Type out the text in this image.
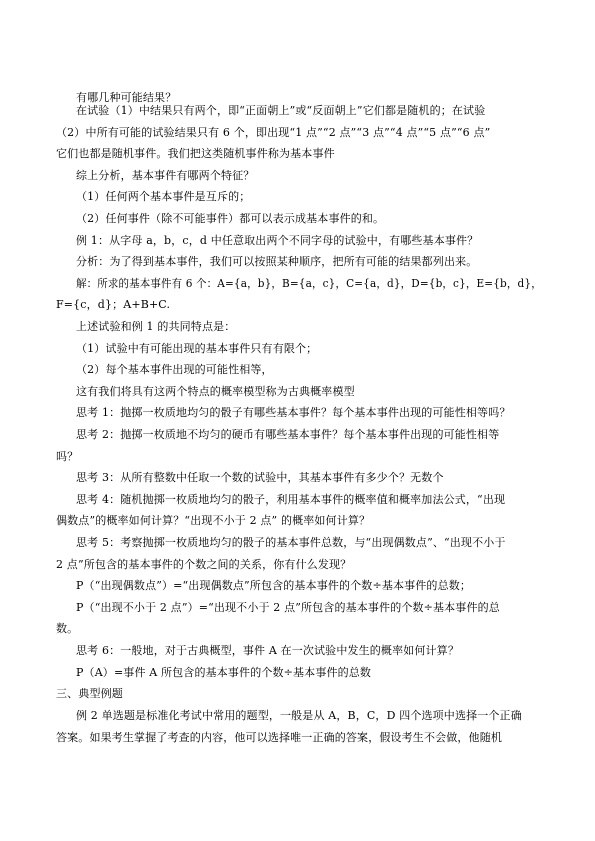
有哪几种可能结果？
在试验（1）中结果只有两个，即“正面朝上”或“反面朝上”它们都是随机的；在试验
（2）中所有可能的试验结果只有 6 个，即出现“1 点”“2 点”“3 点”“4 点”“5 点”“6 点”
它们也都是随机事件。我们把这类随机事件称为基本事件
综上分析，基本事件有哪两个特征？
（1）任何两个基本事件是互斥的；
（2）任何事件（除不可能事件）都可以表示成基本事件的和。
例 1：从字母 a，b，c，d 中任意取出两个不同字母的试验中，有哪些基本事件？
分析：为了得到基本事件，我们可以按照某种顺序，把所有可能的结果都列出来。
解：所求的基本事件有 6 个：A={a，b}，B={a，c}，C={a，d}，D={b，c}，E={b，d}，
F={c，d}；A+B+C.
上述试验和例 1 的共同特点是：
（1）试验中有可能出现的基本事件只有有限个；
（2）每个基本事件出现的可能性相等，
这有我们将具有这两个特点的概率模型称为古典概率模型
思考 1：抛掷一枚质地均匀的骰子有哪些基本事件？每个基本事件出现的可能性相等吗？
思考 2：抛掷一枚质地不均匀的硬币有哪些基本事件？每个基本事件出现的可能性相等
吗？
思考 3：从所有整数中任取一个数的试验中，其基本事件有多少个？无数个
思考 4：随机抛掷一枚质地均匀的骰子，利用基本事件的概率值和概率加法公式，“出现
偶数点”的概率如何计算？“出现不小于 2 点” 的概率如何计算？
思考 5：考察抛掷一枚质地均匀的骰子的基本事件总数，与“出现偶数点”、“出现不小于
2 点”所包含的基本事件的个数之间的关系，你有什么发现？
P（“出现偶数点”）=“出现偶数点”所包含的基本事件的个数÷基本事件的总数；
P（“出现不小于 2 点”）=“出现不小于 2 点”所包含的基本事件的个数÷基本事件的总
数。
思考 6：一般地，对于古典概型，事件 A 在一次试验中发生的概率如何计算？
P（A）=事件 A 所包含的基本事件的个数÷基本事件的总数
三、典型例题
例 2 单选题是标准化考试中常用的题型，一般是从 A，B，C，D 四个选项中选择一个正确
答案。如果考生掌握了考查的内容，他可以选择唯一正确的答案，假设考生不会做，他随机
